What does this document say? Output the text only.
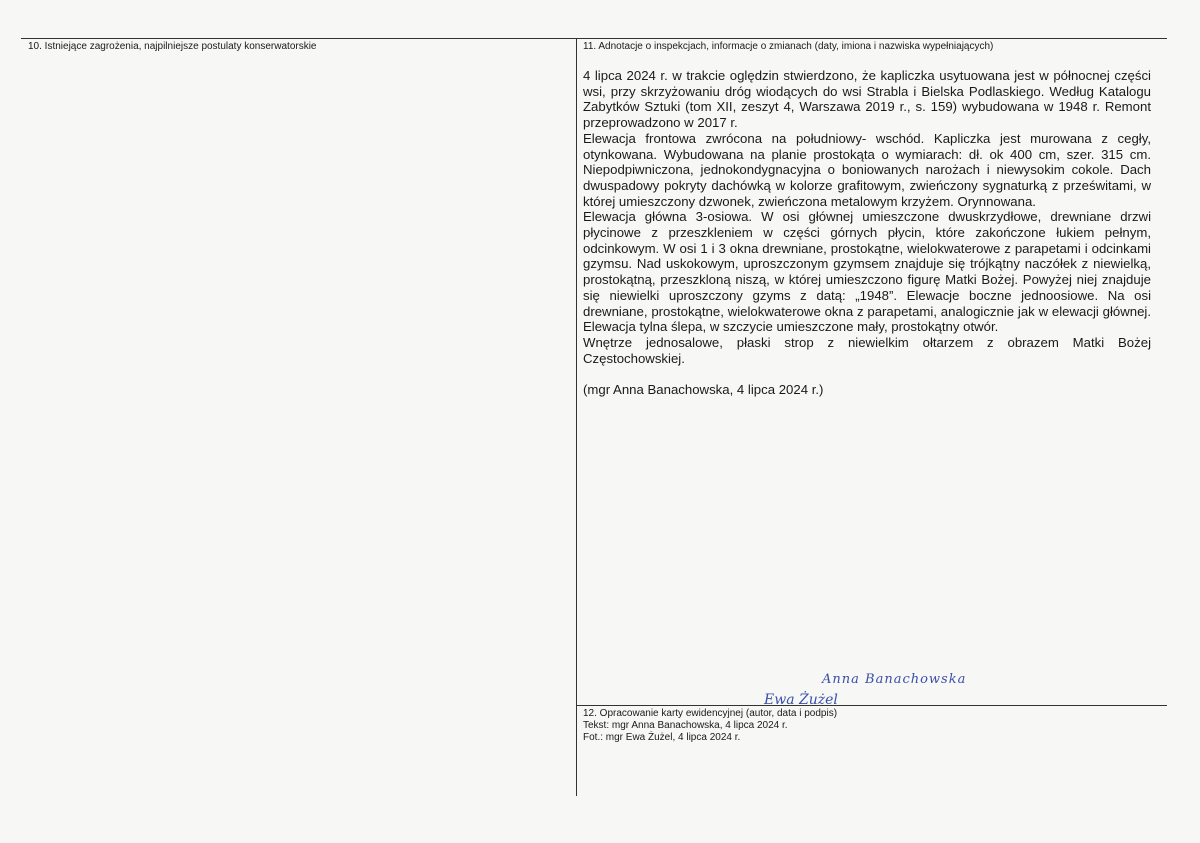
10. Istniejące zagrożenia, najpilniejsze postulaty konserwatorskie	11. Adnotacje o inspekcjach, informacje o zmianach (daty, imiona i nazwiska wypełniających)

4 lipca 2024 r. w trakcie oględzin stwierdzono, że kapliczka usytuowana jest w północnej części wsi, przy skrzyżowaniu dróg wiodących do wsi Strabla i Bielska Podlaskiego. Według Katalogu Zabytków Sztuki (tom XII, zeszyt 4, Warszawa 2019 r., s. 159) wybudowana w 1948 r. Remont przeprowadzono w 2017 r.

Elewacja frontowa zwrócona na południowy- wschód. Kapliczka jest murowana z cegły, otynkowana. Wybudowana na planie prostokąta o wymiarach: dł. ok 400 cm, szer. 315 cm. Niepodpiwniczona, jednokondygnacyjna o boniowanych narożach i niewysokim cokole. Dach dwuspadowy pokryty dachówką w kolorze grafitowym, zwieńczony sygnaturką z prześwitami, w której umieszczony dzwonek, zwieńczona metalowym krzyżem. Orynnowana.

Elewacja główna 3-osiowa. W osi głównej umieszczone dwuskrzydłowe, drewniane drzwi płycinowe z przeszkleniem w części górnych płycin, które zakończone łukiem pełnym, odcinkowym. W osi 1 i 3 okna drewniane, prostokątne, wielokwaterowe z parapetami i odcinkami gzymsu. Nad uskokowym, uproszczonym gzymsem znajduje się trójkątny naczółek z niewielką, prostokątną, przeszkloną niszą, w której umieszczono figurę Matki Bożej. Powyżej niej znajduje się niewielki uproszczony gzyms z datą: „1948”. Elewacje boczne jednoosiowe. Na osi drewniane, prostokątne, wielokwaterowe okna z parapetami, analogicznie jak w elewacji głównej. Elewacja tylna ślepa, w szczycie umieszczone mały, prostokątny otwór.

Wnętrze jednosalowe, płaski strop z niewielkim ołtarzem z obrazem Matki Bożej Częstochowskiej.

(mgr Anna Banachowska, 4 lipca 2024 r.)

12. Opracowanie karty ewidencyjnej (autor, data i podpis)
Tekst: mgr Anna Banachowska, 4 lipca 2024 r.
Fot.: mgr Ewa Żużel, 4 lipca 2024 r.
Anna Banachowska
Ewa Żużel
